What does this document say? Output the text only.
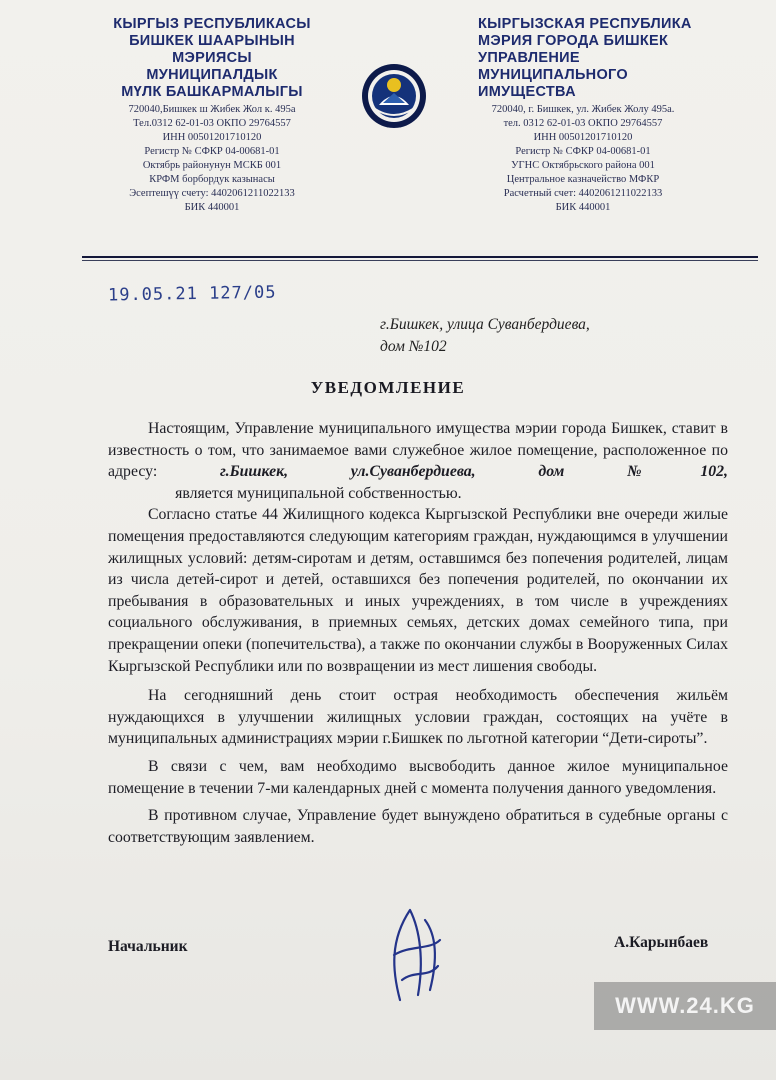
КЫРГЫЗ РЕСПУБЛИКАСЫ
БИШКЕК ШААРЫНЫН
МЭРИЯСЫ
МУНИЦИПАЛДЫК
МҮЛК БАШКАРМАЛЫГЫ
720040,Бишкек ш Жибек Жол к. 495а
Тел.0312 62-01-03 ОКПО 29764557
ИНН 00501201710120
Регистр № СФКР 04-00681-01
Октябрь районунун МСКБ 001
КРФМ борбордук казынасы
Эсептешүү счету: 4402061211022133
БИК 440001
КЫРГЫЗСКАЯ РЕСПУБЛИКА
МЭРИЯ ГОРОДА БИШКЕК
УПРАВЛЕНИЕ
МУНИЦИПАЛЬНОГО
ИМУЩЕСТВА
720040, г. Бишкек, ул. Жибек Жолу 495а.
тел. 0312 62-01-03 ОКПО 29764557
ИНН 00501201710120
Регистр № СФКР 04-00681-01
УГНС Октябрьского района 001
Центральное казначейство МФКР
Расчетный счет: 4402061211022133
БИК 440001
19.05.21 127/05
г.Бишкек, улица Суванбердиева,
дом №102
УВЕДОМЛЕНИЕ

Настоящим, Управление муниципального имущества мэрии города Бишкек, ставит в известность о том, что занимаемое вами служебное жилое помещение, расположенное по адресу: г.Бишкек, ул.Суванбердиева, дом №102,                 является муниципальной собственностью.

Согласно статье 44 Жилищного кодекса Кыргызской Республики вне очереди жилые помещения предоставляются следующим категориям граждан, нуждающимся в улучшении жилищных условий: детям-сиротам и детям, оставшимся без попечения родителей, лицам из числа детей-сирот и детей, оставшихся без попечения родителей, по окончании их пребывания в образовательных и иных учреждениях, в том числе в учреждениях социального обслуживания, в приемных семьях, детских домах семейного типа, при прекращении опеки (попечительства), а также по окончании службы в Вооруженных Силах Кыргызской Республики или по возвращении из мест лишения свободы.

На сегодняшний день стоит острая необходимость обеспечения жильём нуждающихся в улучшении жилищных условии граждан, состоящих на учёте в муниципальных администрациях мэрии г.Бишкек по льготной категории “Дети-сироты”.

В связи с чем, вам необходимо высвободить данное жилое муниципальное помещение в течении 7-ми календарных дней с момента получения данного уведомления.

В противном случае, Управление будет вынуждено обратиться в судебные органы с соответствующим заявлением.

Начальник	А.Карынбаев
WWW.24.KG
